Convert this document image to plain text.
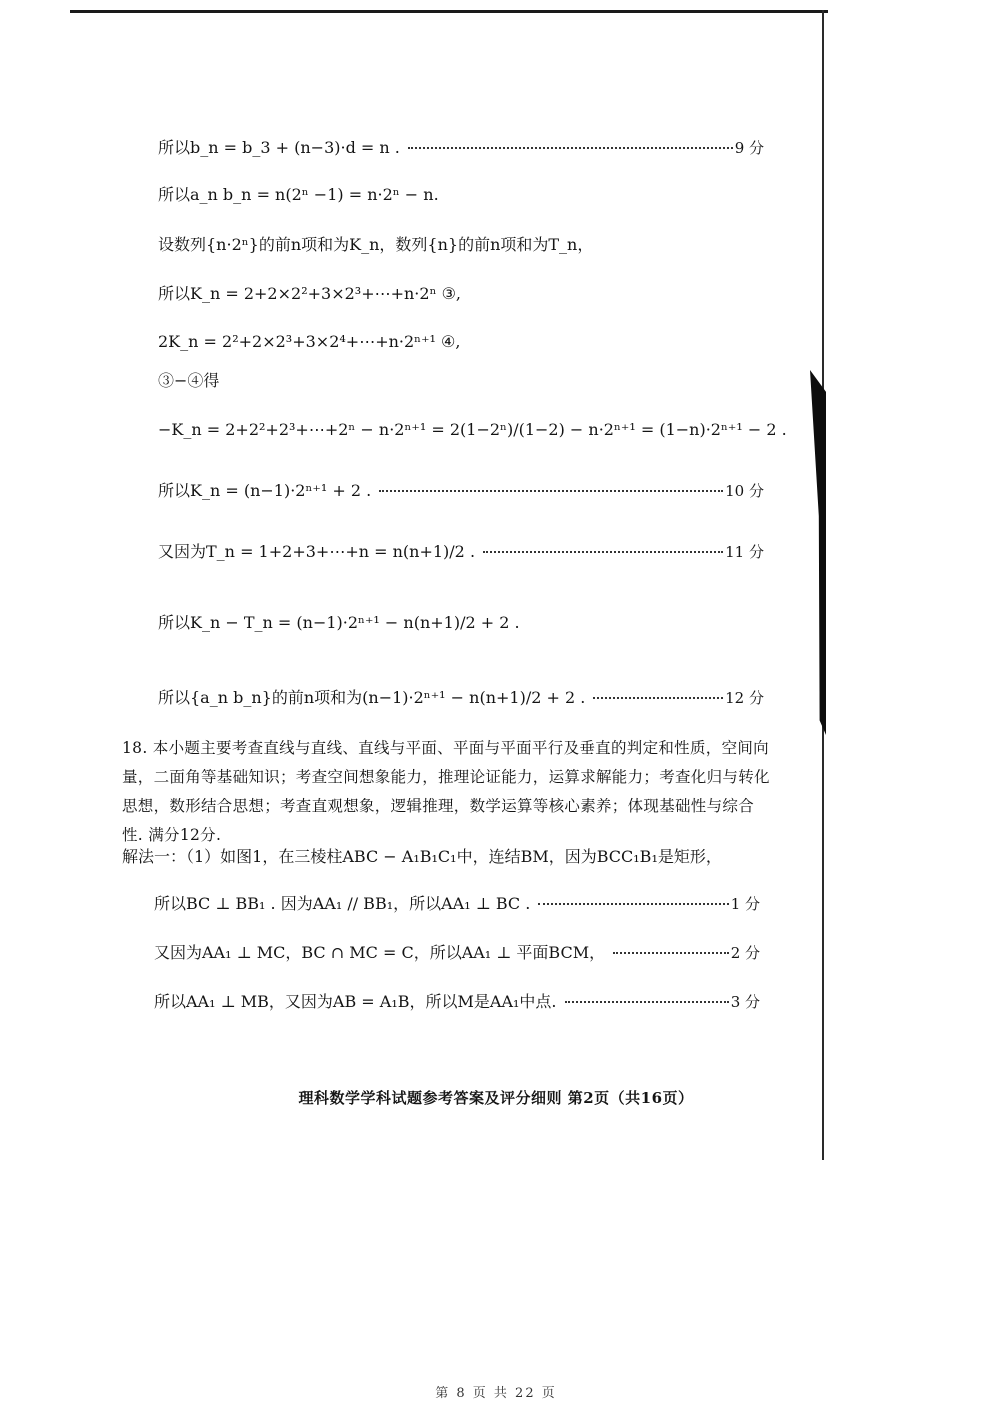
所以b_n = b_3 + (n−3)·d = n .	9 分
所以a_n b_n = n(2ⁿ −1) = n·2ⁿ − n.
设数列{n·2ⁿ}的前n项和为K_n，数列{n}的前n项和为T_n，
所以K_n = 2+2×2²+3×2³+⋯+n·2ⁿ ③,
2K_n = 2²+2×2³+3×2⁴+⋯+n·2ⁿ⁺¹ ④,
③−④得
−K_n = 2+2²+2³+⋯+2ⁿ − n·2ⁿ⁺¹ = 2(1−2ⁿ)/(1−2) − n·2ⁿ⁺¹ = (1−n)·2ⁿ⁺¹ − 2 .
所以K_n = (n−1)·2ⁿ⁺¹ + 2 .	10 分
又因为T_n = 1+2+3+⋯+n = n(n+1)/2 .	11 分
所以K_n − T_n = (n−1)·2ⁿ⁺¹ − n(n+1)/2 + 2 .
所以{a_n b_n}的前n项和为(n−1)·2ⁿ⁺¹ − n(n+1)/2 + 2 .	12 分
18. 本小题主要考查直线与直线、直线与平面、平面与平面平行及垂直的判定和性质，空间向量，二面角等基础知识；考查空间想象能力，推理论证能力，运算求解能力；考查化归与转化思想，数形结合思想；考查直观想象，逻辑推理，数学运算等核心素养；体现基础性与综合性. 满分12分.
解法一：（1）如图1，在三棱柱ABC − A₁B₁C₁中，连结BM，因为BCC₁B₁是矩形，
所以BC ⊥ BB₁ . 因为AA₁ // BB₁，所以AA₁ ⊥ BC .	1 分
又因为AA₁ ⊥ MC，BC ∩ MC = C，所以AA₁ ⊥ 平面BCM，	2 分
所以AA₁ ⊥ MB，又因为AB = A₁B，所以M是AA₁中点.	3 分
理科数学学科试题参考答案及评分细则 第2页（共16页）
第 8 页 共 22 页
